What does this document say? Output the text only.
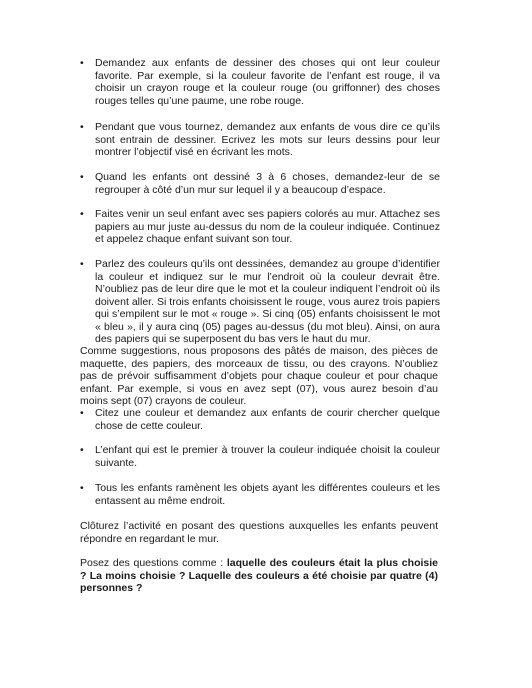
• Demandez aux enfants de dessiner des choses qui ont leur couleur favorite. Par exemple, si la couleur favorite de l’enfant est rouge, il va choisir un crayon rouge et la couleur rouge (ou griffonner) des choses rouges telles qu’une paume, une robe rouge.

• Pendant que vous tournez, demandez aux enfants de vous dire ce qu’ils sont entrain de dessiner. Ecrivez les mots sur leurs dessins pour leur montrer l’objectif visé en écrivant les mots.

• Quand les enfants ont dessiné 3 à 6 choses, demandez-leur de se regrouper à côté d’un mur sur lequel il y a beaucoup d’espace.

• Faites venir un seul enfant avec ses papiers colorés au mur. Attachez ses papiers au mur juste au-dessus du nom de la couleur indiquée. Continuez et appelez chaque enfant suivant son tour.

• Parlez des couleurs qu’ils ont dessinées, demandez au groupe d’identifier la couleur et indiquez sur le mur l’endroit où la couleur devrait être. N’oubliez pas de leur dire que le mot et la couleur indiquent l’endroit où ils doivent aller. Si trois enfants choisissent le rouge, vous aurez trois papiers qui s’empilent sur le mot « rouge ». Si cinq (05) enfants choisissent le mot « bleu », il y aura cinq (05) pages au-dessus (du mot bleu). Ainsi, on aura des papiers qui se superposent du bas vers le haut du mur.

Comme suggestions, nous proposons des pâtés de maison, des pièces de maquette, des papiers, des morceaux de tissu, ou des crayons. N’oubliez pas de prévoir suffisamment d’objets pour chaque couleur et pour chaque enfant. Par exemple, si vous en avez sept (07), vous aurez besoin d’au moins sept (07) crayons de couleur.

• Citez une couleur et demandez aux enfants de courir chercher quelque chose de cette couleur.

• L’enfant qui est le premier à trouver la couleur indiquée choisit la couleur suivante.

• Tous les enfants ramènent les objets ayant les différentes couleurs et les entassent au même endroit.

Clôturez l’activité en posant des questions auxquelles les enfants peuvent répondre en regardant le mur.

Posez des questions comme : laquelle des couleurs était la plus choisie ? La moins choisie ? Laquelle des couleurs a été choisie par quatre (4) personnes ?
